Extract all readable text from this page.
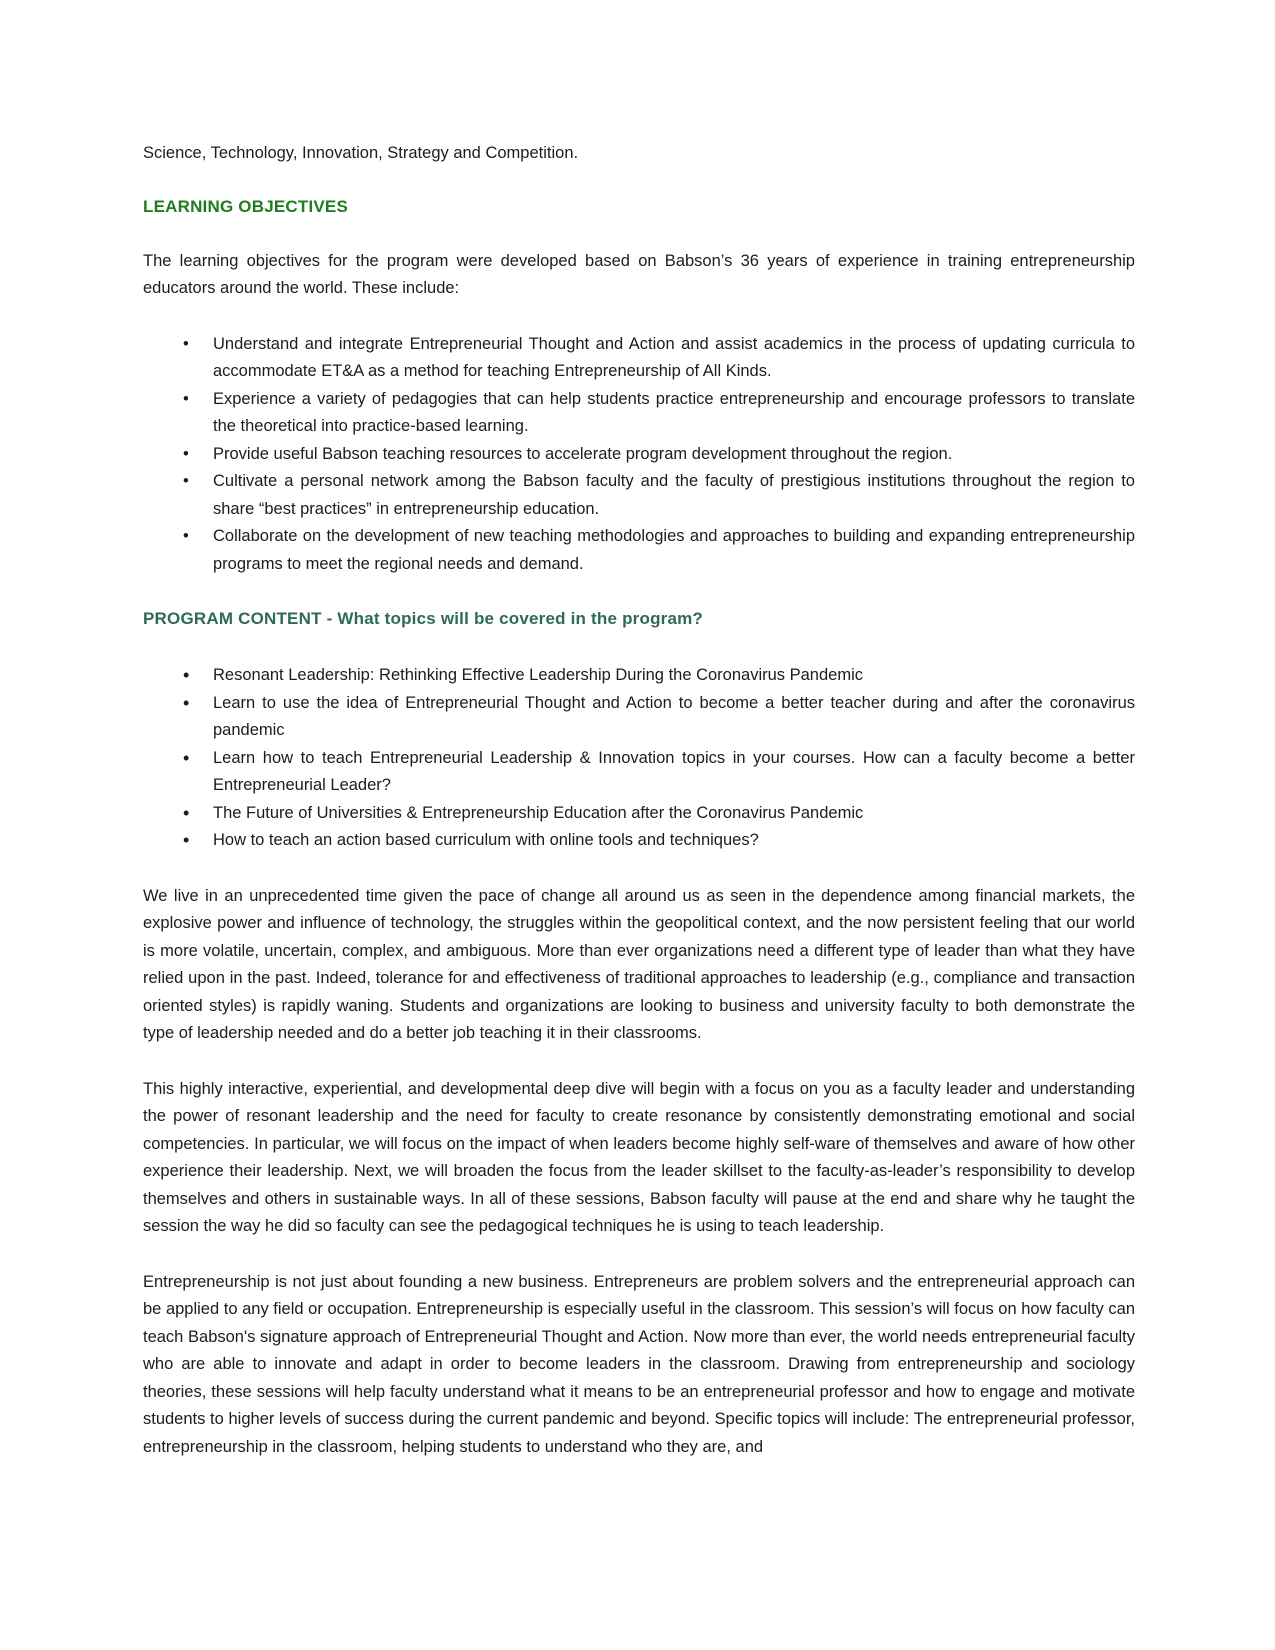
Science, Technology, Innovation, Strategy and Competition.

LEARNING OBJECTIVES

The learning objectives for the program were developed based on Babson’s 36 years of experience in training entrepreneurship educators around the world. These include:

• Understand and integrate Entrepreneurial Thought and Action and assist academics in the process of updating curricula to accommodate ET&A as a method for teaching Entrepreneurship of All Kinds.
• Experience a variety of pedagogies that can help students practice entrepreneurship and encourage professors to translate the theoretical into practice-based learning.
• Provide useful Babson teaching resources to accelerate program development throughout the region.
• Cultivate a personal network among the Babson faculty and the faculty of prestigious institutions throughout the region to share “best practices” in entrepreneurship education.
• Collaborate on the development of new teaching methodologies and approaches to building and expanding entrepreneurship programs to meet the regional needs and demand.
PROGRAM CONTENT - What topics will be covered in the program?
• Resonant Leadership: Rethinking Effective Leadership During the Coronavirus Pandemic
• Learn to use the idea of Entrepreneurial Thought and Action to become a better teacher during and after the coronavirus pandemic
• Learn how to teach Entrepreneurial Leadership & Innovation topics in your courses. How can a faculty become a better Entrepreneurial Leader?
• The Future of Universities & Entrepreneurship Education after the Coronavirus Pandemic
• How to teach an action based curriculum with online tools and techniques?

We live in an unprecedented time given the pace of change all around us as seen in the dependence among financial markets, the explosive power and influence of technology, the struggles within the geopolitical context, and the now persistent feeling that our world is more volatile, uncertain, complex, and ambiguous. More than ever organizations need a different type of leader than what they have relied upon in the past. Indeed, tolerance for and effectiveness of traditional approaches to leadership (e.g., compliance and transaction oriented styles) is rapidly waning. Students and organizations are looking to business and university faculty to both demonstrate the type of leadership needed and do a better job teaching it in their classrooms.

This highly interactive, experiential, and developmental deep dive will begin with a focus on you as a faculty leader and understanding the power of resonant leadership and the need for faculty to create resonance by consistently demonstrating emotional and social competencies. In particular, we will focus on the impact of when leaders become highly self-ware of themselves and aware of how other experience their leadership. Next, we will broaden the focus from the leader skillset to the faculty-as-leader’s responsibility to develop themselves and others in sustainable ways. In all of these sessions, Babson faculty will pause at the end and share why he taught the session the way he did so faculty can see the pedagogical techniques he is using to teach leadership.

Entrepreneurship is not just about founding a new business. Entrepreneurs are problem solvers and the entrepreneurial approach can be applied to any field or occupation. Entrepreneurship is especially useful in the classroom. This session’s will focus on how faculty can teach Babson's signature approach of Entrepreneurial Thought and Action. Now more than ever, the world needs entrepreneurial faculty who are able to innovate and adapt in order to become leaders in the classroom. Drawing from entrepreneurship and sociology theories, these sessions will help faculty understand what it means to be an entrepreneurial professor and how to engage and motivate students to higher levels of success during the current pandemic and beyond. Specific topics will include: The entrepreneurial professor, entrepreneurship in the classroom, helping students to understand who they are, and
